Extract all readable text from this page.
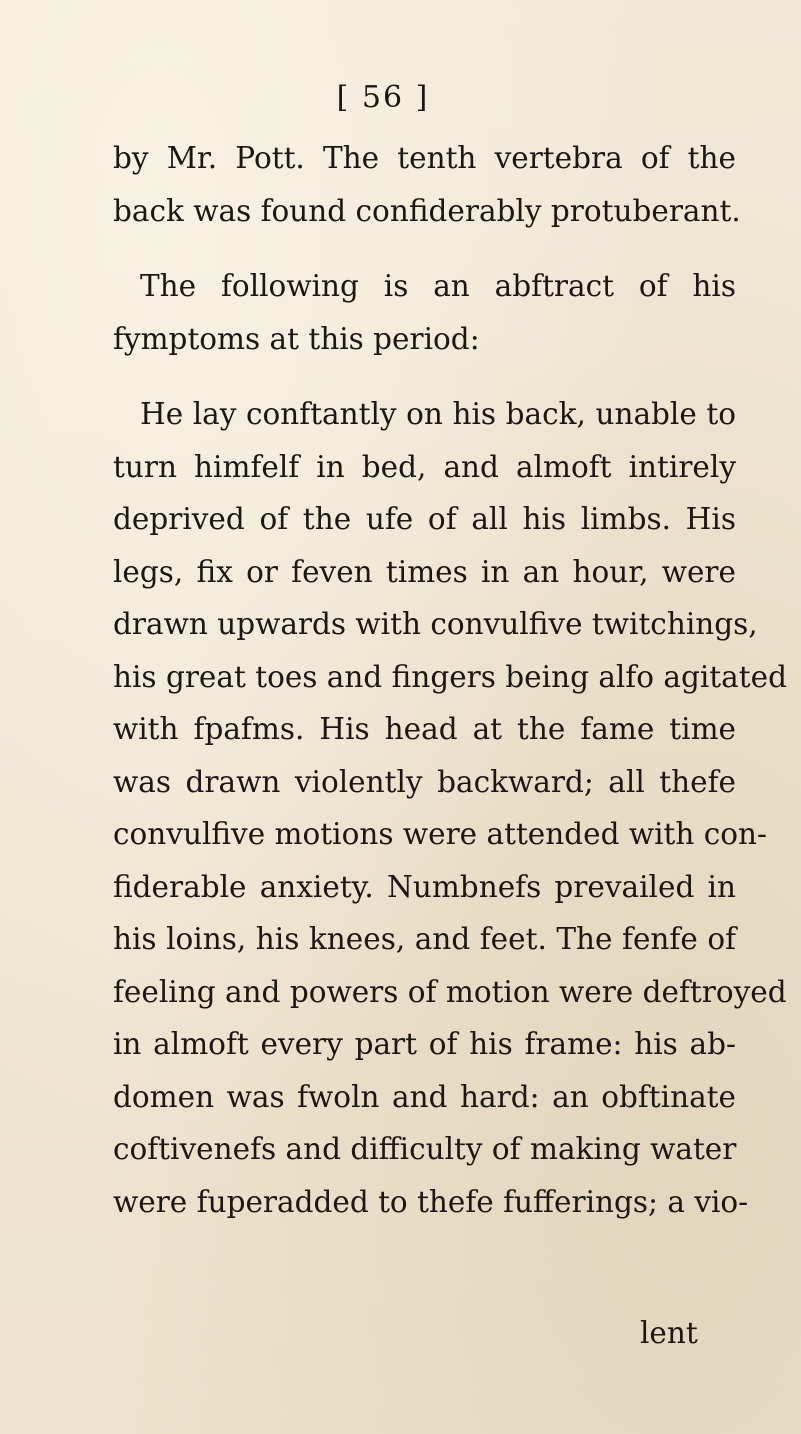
[ 56 ]
by Mr. Pott. The tenth vertebra of the
back was found confiderably protuberant.
The following is an abftract of his
fymptoms at this period:
He lay conftantly on his back, unable to
turn himfelf in bed, and almoft intirely
deprived of the ufe of all his limbs. His
legs, fix or feven times in an hour, were
drawn upwards with convulfive twitchings,
his great toes and fingers being alfo agitated
with fpafms. His head at the fame time
was drawn violently backward; all thefe
convulfive motions were attended with con-
fiderable anxiety. Numbnefs prevailed in
his loins, his knees, and feet. The fenfe of
feeling and powers of motion were deftroyed
in almoft every part of his frame: his ab-
domen was fwoln and hard: an obftinate
coftivenefs and difficulty of making water
were fuperadded to thefe fufferings; a vio-
lent
